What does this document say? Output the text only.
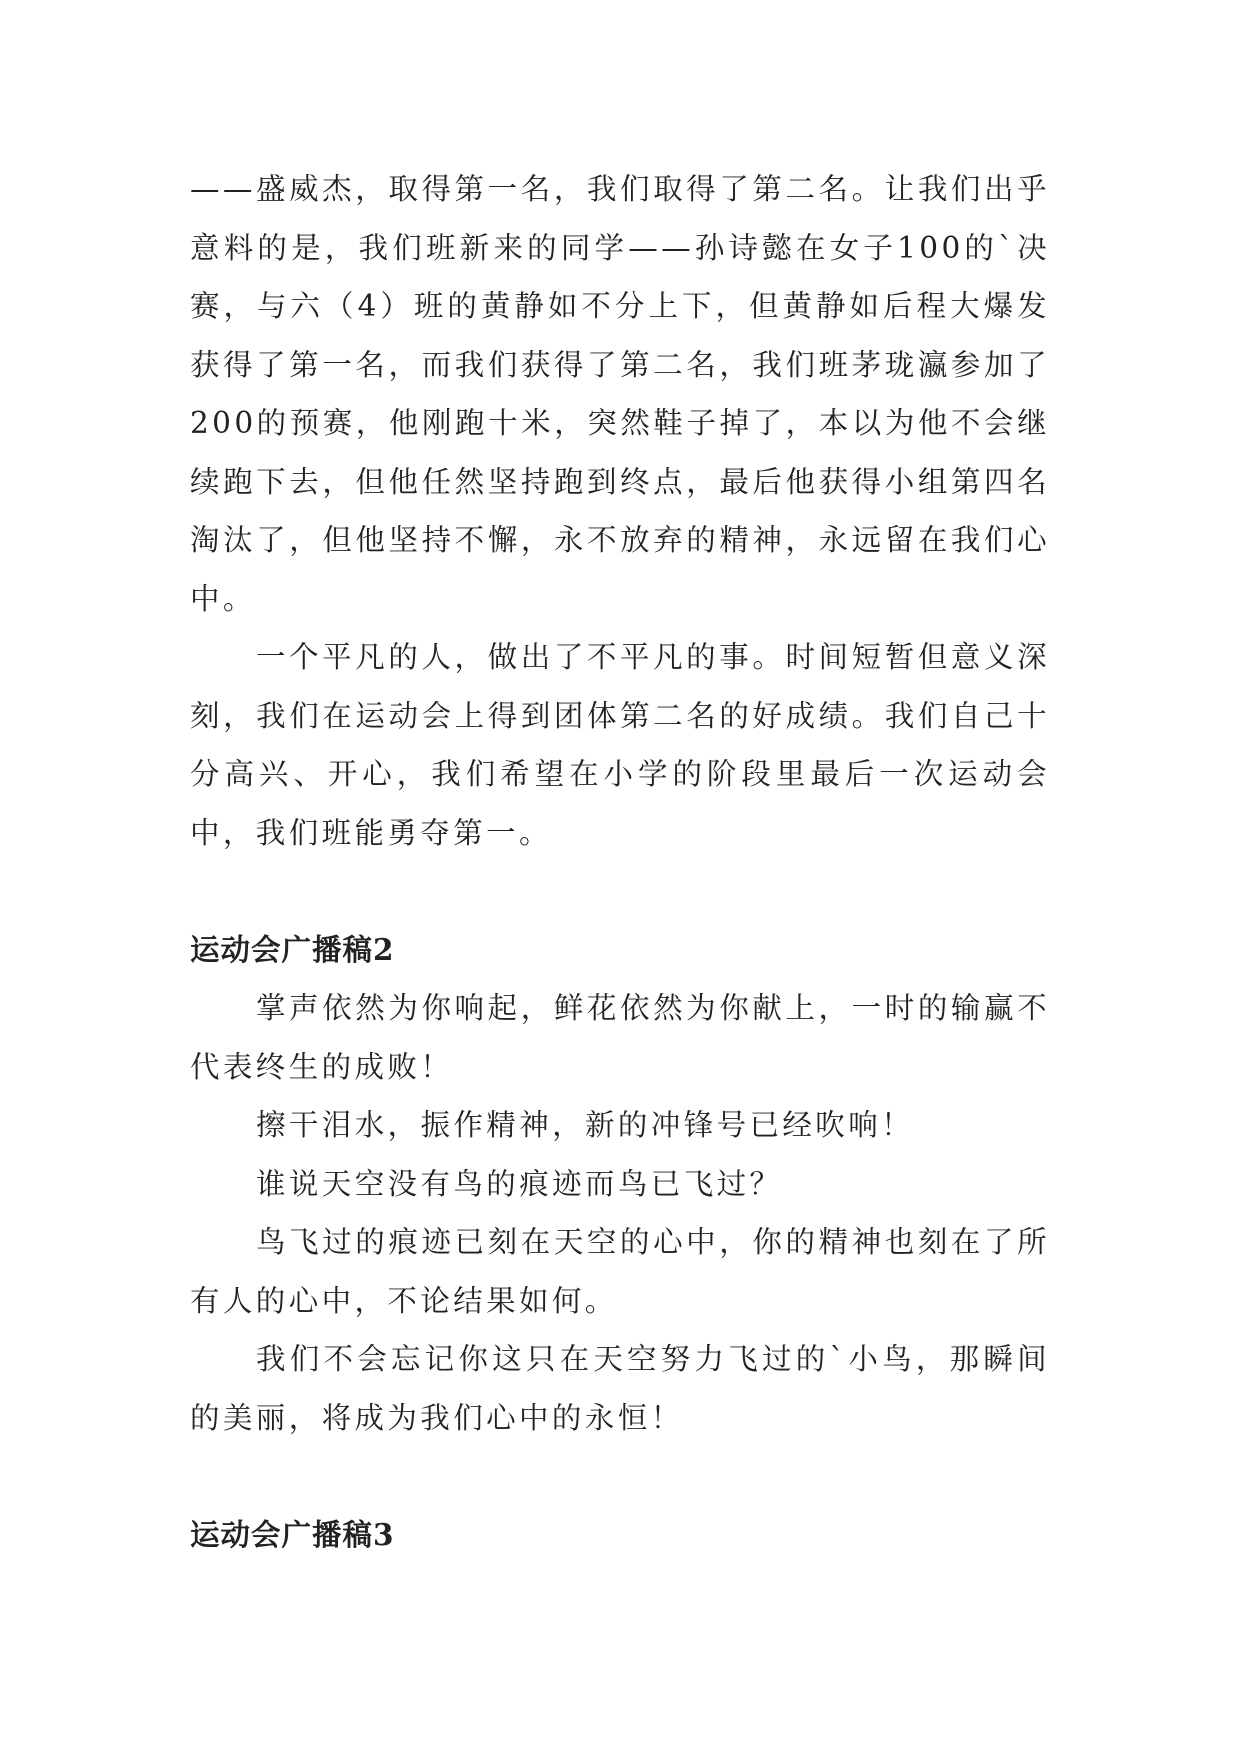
——盛威杰，取得第一名，我们取得了第二名。让我们出乎意料的是，我们班新来的同学——孙诗懿在女子100的`决赛，与六（4）班的黄静如不分上下，但黄静如后程大爆发获得了第一名，而我们获得了第二名，我们班茅珑瀛参加了200的预赛，他刚跑十米，突然鞋子掉了，本以为他不会继续跑下去，但他任然坚持跑到终点，最后他获得小组第四名淘汰了，但他坚持不懈，永不放弃的精神，永远留在我们心中。

一个平凡的人，做出了不平凡的事。时间短暂但意义深刻，我们在运动会上得到团体第二名的好成绩。我们自己十分高兴、开心，我们希望在小学的阶段里最后一次运动会中，我们班能勇夺第一。

运动会广播稿2

掌声依然为你响起，鲜花依然为你献上，一时的输赢不代表终生的成败！

擦干泪水，振作精神，新的冲锋号已经吹响！

谁说天空没有鸟的痕迹而鸟已飞过？

鸟飞过的痕迹已刻在天空的心中，你的精神也刻在了所有人的心中，不论结果如何。

我们不会忘记你这只在天空努力飞过的`小鸟，那瞬间的美丽，将成为我们心中的永恒！

运动会广播稿3
